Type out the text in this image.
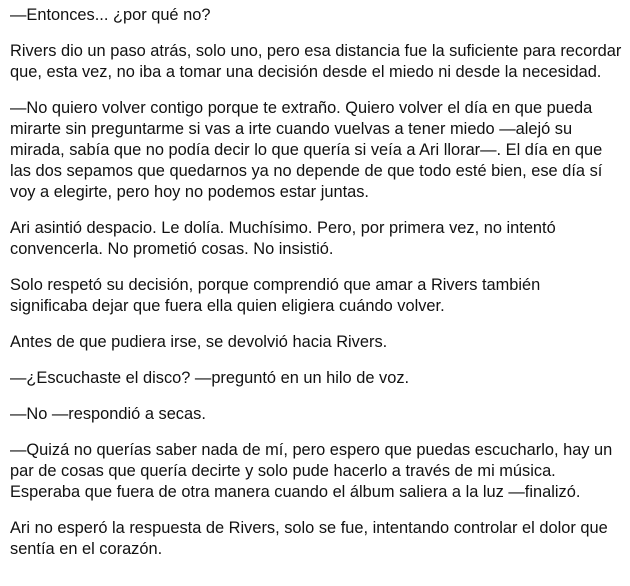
—Entonces... ¿por qué no?

Rivers dio un paso atrás, solo uno, pero esa distancia fue la suficiente para recordar que, esta vez, no iba a tomar una decisión desde el miedo ni desde la necesidad.

—No quiero volver contigo porque te extraño. Quiero volver el día en que pueda mirarte sin preguntarme si vas a irte cuando vuelvas a tener miedo —alejó su mirada, sabía que no podía decir lo que quería si veía a Ari llorar—. El día en que las dos sepamos que quedarnos ya no depende de que todo esté bien, ese día sí voy a elegirte, pero hoy no podemos estar juntas.

Ari asintió despacio. Le dolía. Muchísimo. Pero, por primera vez, no intentó convencerla. No prometió cosas. No insistió.

Solo respetó su decisión, porque comprendió que amar a Rivers también significaba dejar que fuera ella quien eligiera cuándo volver.

Antes de que pudiera irse, se devolvió hacia Rivers.

—¿Escuchaste el disco? —preguntó en un hilo de voz.

—No —respondió a secas.

—Quizá no querías saber nada de mí, pero espero que puedas escucharlo, hay un par de cosas que quería decirte y solo pude hacerlo a través de mi música. Esperaba que fuera de otra manera cuando el álbum saliera a la luz —finalizó.

Ari no esperó la respuesta de Rivers, solo se fue, intentando controlar el dolor que sentía en el corazón.
